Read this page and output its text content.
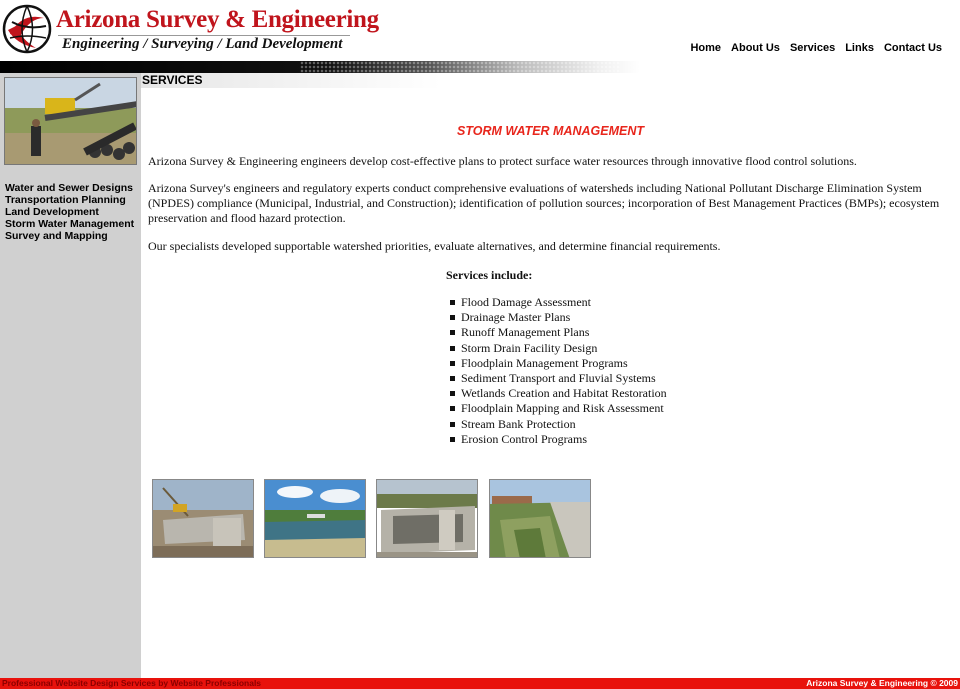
Arizona Survey & Engineering
Engineering / Surveying / Land Development	Home About Us Services Links Contact Us
Water and Sewer Designs
Transportation Planning
Land Development
Storm Water Management
Survey and Mapping
SERVICES
STORM WATER MANAGEMENT

Arizona Survey & Engineering engineers develop cost-effective plans to protect surface water resources through innovative flood control solutions.

Arizona Survey's engineers and regulatory experts conduct comprehensive evaluations of watersheds including National Pollutant Discharge Elimination System (NPDES) compliance (Municipal, Industrial, and Construction); identification of pollution sources; incorporation of Best Management Practices (BMPs); ecosystem preservation and flood hazard protection.

Our specialists developed supportable watershed priorities, evaluate alternatives, and determine financial requirements.

Services include:
Flood Damage Assessment
Drainage Master Plans
Runoff Management Plans
Storm Drain Facility Design
Floodplain Management Programs
Sediment Transport and Fluvial Systems
Wetlands Creation and Habitat Restoration
Floodplain Mapping and Risk Assessment
Stream Bank Protection
Erosion Control Programs
Professional Website Design Services by Website Professionals	Arizona Survey & Engineering © 2009
